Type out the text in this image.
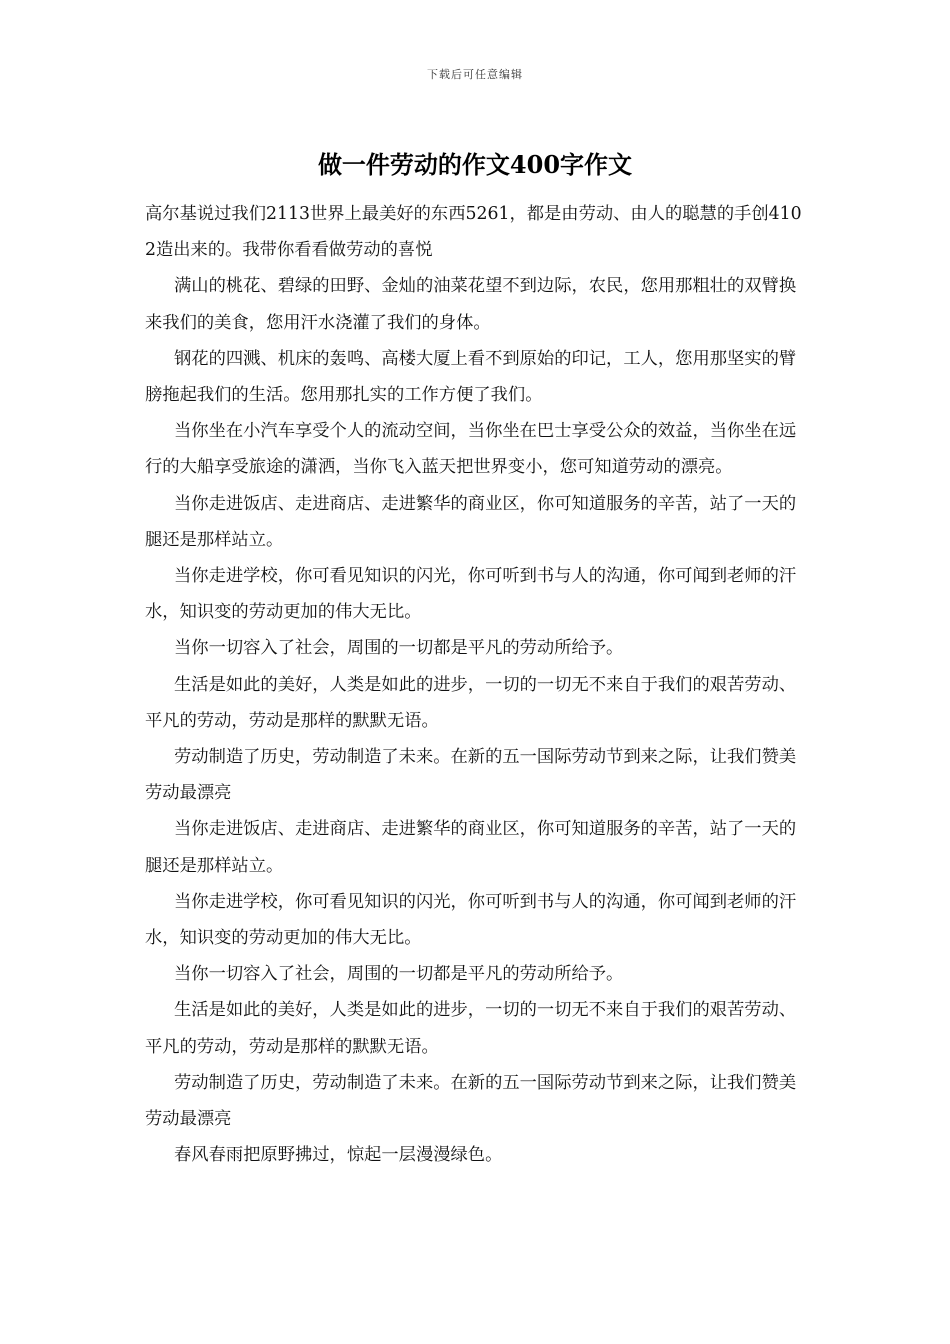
下载后可任意编辑
做一件劳动的作文400字作文

高尔基说过我们2113世界上最美好的东西5261，都是由劳动、由人的聪慧的手创4102造出来的。我带你看看做劳动的喜悦

满山的桃花、碧绿的田野、金灿的油菜花望不到边际，农民，您用那粗壮的双臂换来我们的美食，您用汗水浇灌了我们的身体。

钢花的四溅、机床的轰鸣、高楼大厦上看不到原始的印记，工人，您用那坚实的臂膀拖起我们的生活。您用那扎实的工作方便了我们。

当你坐在小汽车享受个人的流动空间，当你坐在巴士享受公众的效益，当你坐在远行的大船享受旅途的潇洒，当你飞入蓝天把世界变小，您可知道劳动的漂亮。

当你走进饭店、走进商店、走进繁华的商业区，你可知道服务的辛苦，站了一天的腿还是那样站立。

当你走进学校，你可看见知识的闪光，你可听到书与人的沟通，你可闻到老师的汗水，知识变的劳动更加的伟大无比。

当你一切容入了社会，周围的一切都是平凡的劳动所给予。

生活是如此的美好，人类是如此的进步，一切的一切无不来自于我们的艰苦劳动、平凡的劳动，劳动是那样的默默无语。

劳动制造了历史，劳动制造了未来。在新的五一国际劳动节到来之际，让我们赞美劳动最漂亮

当你走进饭店、走进商店、走进繁华的商业区，你可知道服务的辛苦，站了一天的腿还是那样站立。

当你走进学校，你可看见知识的闪光，你可听到书与人的沟通，你可闻到老师的汗水，知识变的劳动更加的伟大无比。

当你一切容入了社会，周围的一切都是平凡的劳动所给予。

生活是如此的美好，人类是如此的进步，一切的一切无不来自于我们的艰苦劳动、平凡的劳动，劳动是那样的默默无语。

劳动制造了历史，劳动制造了未来。在新的五一国际劳动节到来之际，让我们赞美劳动最漂亮

春风春雨把原野拂过，惊起一层漫漫绿色。
